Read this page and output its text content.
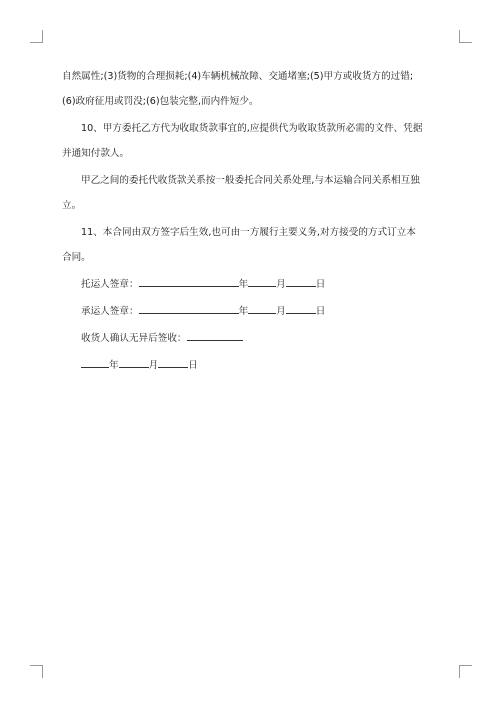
自然属性;(3)货物的合理损耗;(4)车辆机械故障、交通堵塞;(5)甲方或收货方的过错;

(6)政府征用或罚没;(6)包装完整,而内件短少。

10、甲方委托乙方代为收取货款事宜的,应提供代为收取货款所必需的文件、凭据

并通知付款人。

甲乙之间的委托代收货款关系按一般委托合同关系处理,与本运输合同关系相互独

立。

11、本合同由双方签字后生效,也可由一方履行主要义务,对方接受的方式订立本

合同。

托运人签章：	年	月	日

承运人签章：	年	月	日

收货人确认无异后签收：

年	月	日
